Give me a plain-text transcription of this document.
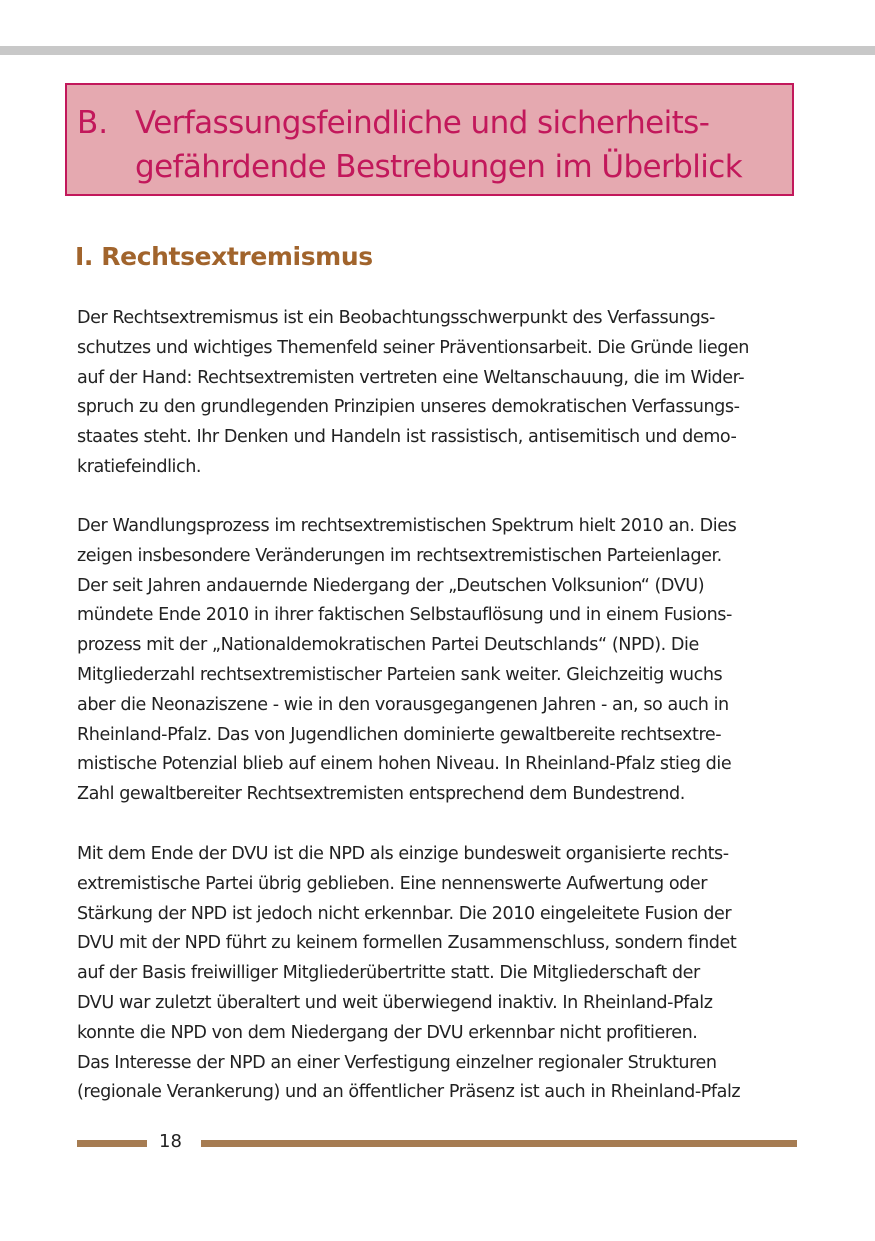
B. Verfassungsfeindliche und sicherheits-
gefährdende Bestrebungen im Überblick
I. Rechtsextremismus

Der Rechtsextremismus ist ein Beobachtungsschwerpunkt des Verfassungs-
schutzes und wichtiges Themenfeld seiner Präventionsarbeit. Die Gründe liegen
auf der Hand: Rechtsextremisten vertreten eine Weltanschauung, die im Wider-
spruch zu den grundlegenden Prinzipien unseres demokratischen Verfassungs-
staates steht. Ihr Denken und Handeln ist rassistisch, antisemitisch und demo-
kratiefeindlich.

Der Wandlungsprozess im rechtsextremistischen Spektrum hielt 2010 an. Dies
zeigen insbesondere Veränderungen im rechtsextremistischen Parteienlager.
Der seit Jahren andauernde Niedergang der „Deutschen Volksunion“ (DVU)
mündete Ende 2010 in ihrer faktischen Selbstauflösung und in einem Fusions-
prozess mit der „Nationaldemokratischen Partei Deutschlands“ (NPD). Die
Mitgliederzahl rechtsextremistischer Parteien sank weiter. Gleichzeitig wuchs
aber die Neonaziszene - wie in den vorausgegangenen Jahren - an, so auch in
Rheinland-Pfalz. Das von Jugendlichen dominierte gewaltbereite rechtsextre-
mistische Potenzial blieb auf einem hohen Niveau. In Rheinland-Pfalz stieg die
Zahl gewaltbereiter Rechtsextremisten entsprechend dem Bundestrend.

Mit dem Ende der DVU ist die NPD als einzige bundesweit organisierte rechts-
extremistische Partei übrig geblieben. Eine nennenswerte Aufwertung oder
Stärkung der NPD ist jedoch nicht erkennbar. Die 2010 eingeleitete Fusion der
DVU mit der NPD führt zu keinem formellen Zusammenschluss, sondern findet
auf der Basis freiwilliger Mitgliederübertritte statt. Die Mitgliederschaft der
DVU war zuletzt überaltert und weit überwiegend inaktiv. In Rheinland-Pfalz
konnte die NPD von dem Niedergang der DVU erkennbar nicht profitieren.
Das Interesse der NPD an einer Verfestigung einzelner regionaler Strukturen
(regionale Verankerung) und an öffentlicher Präsenz ist auch in Rheinland-Pfalz

18
